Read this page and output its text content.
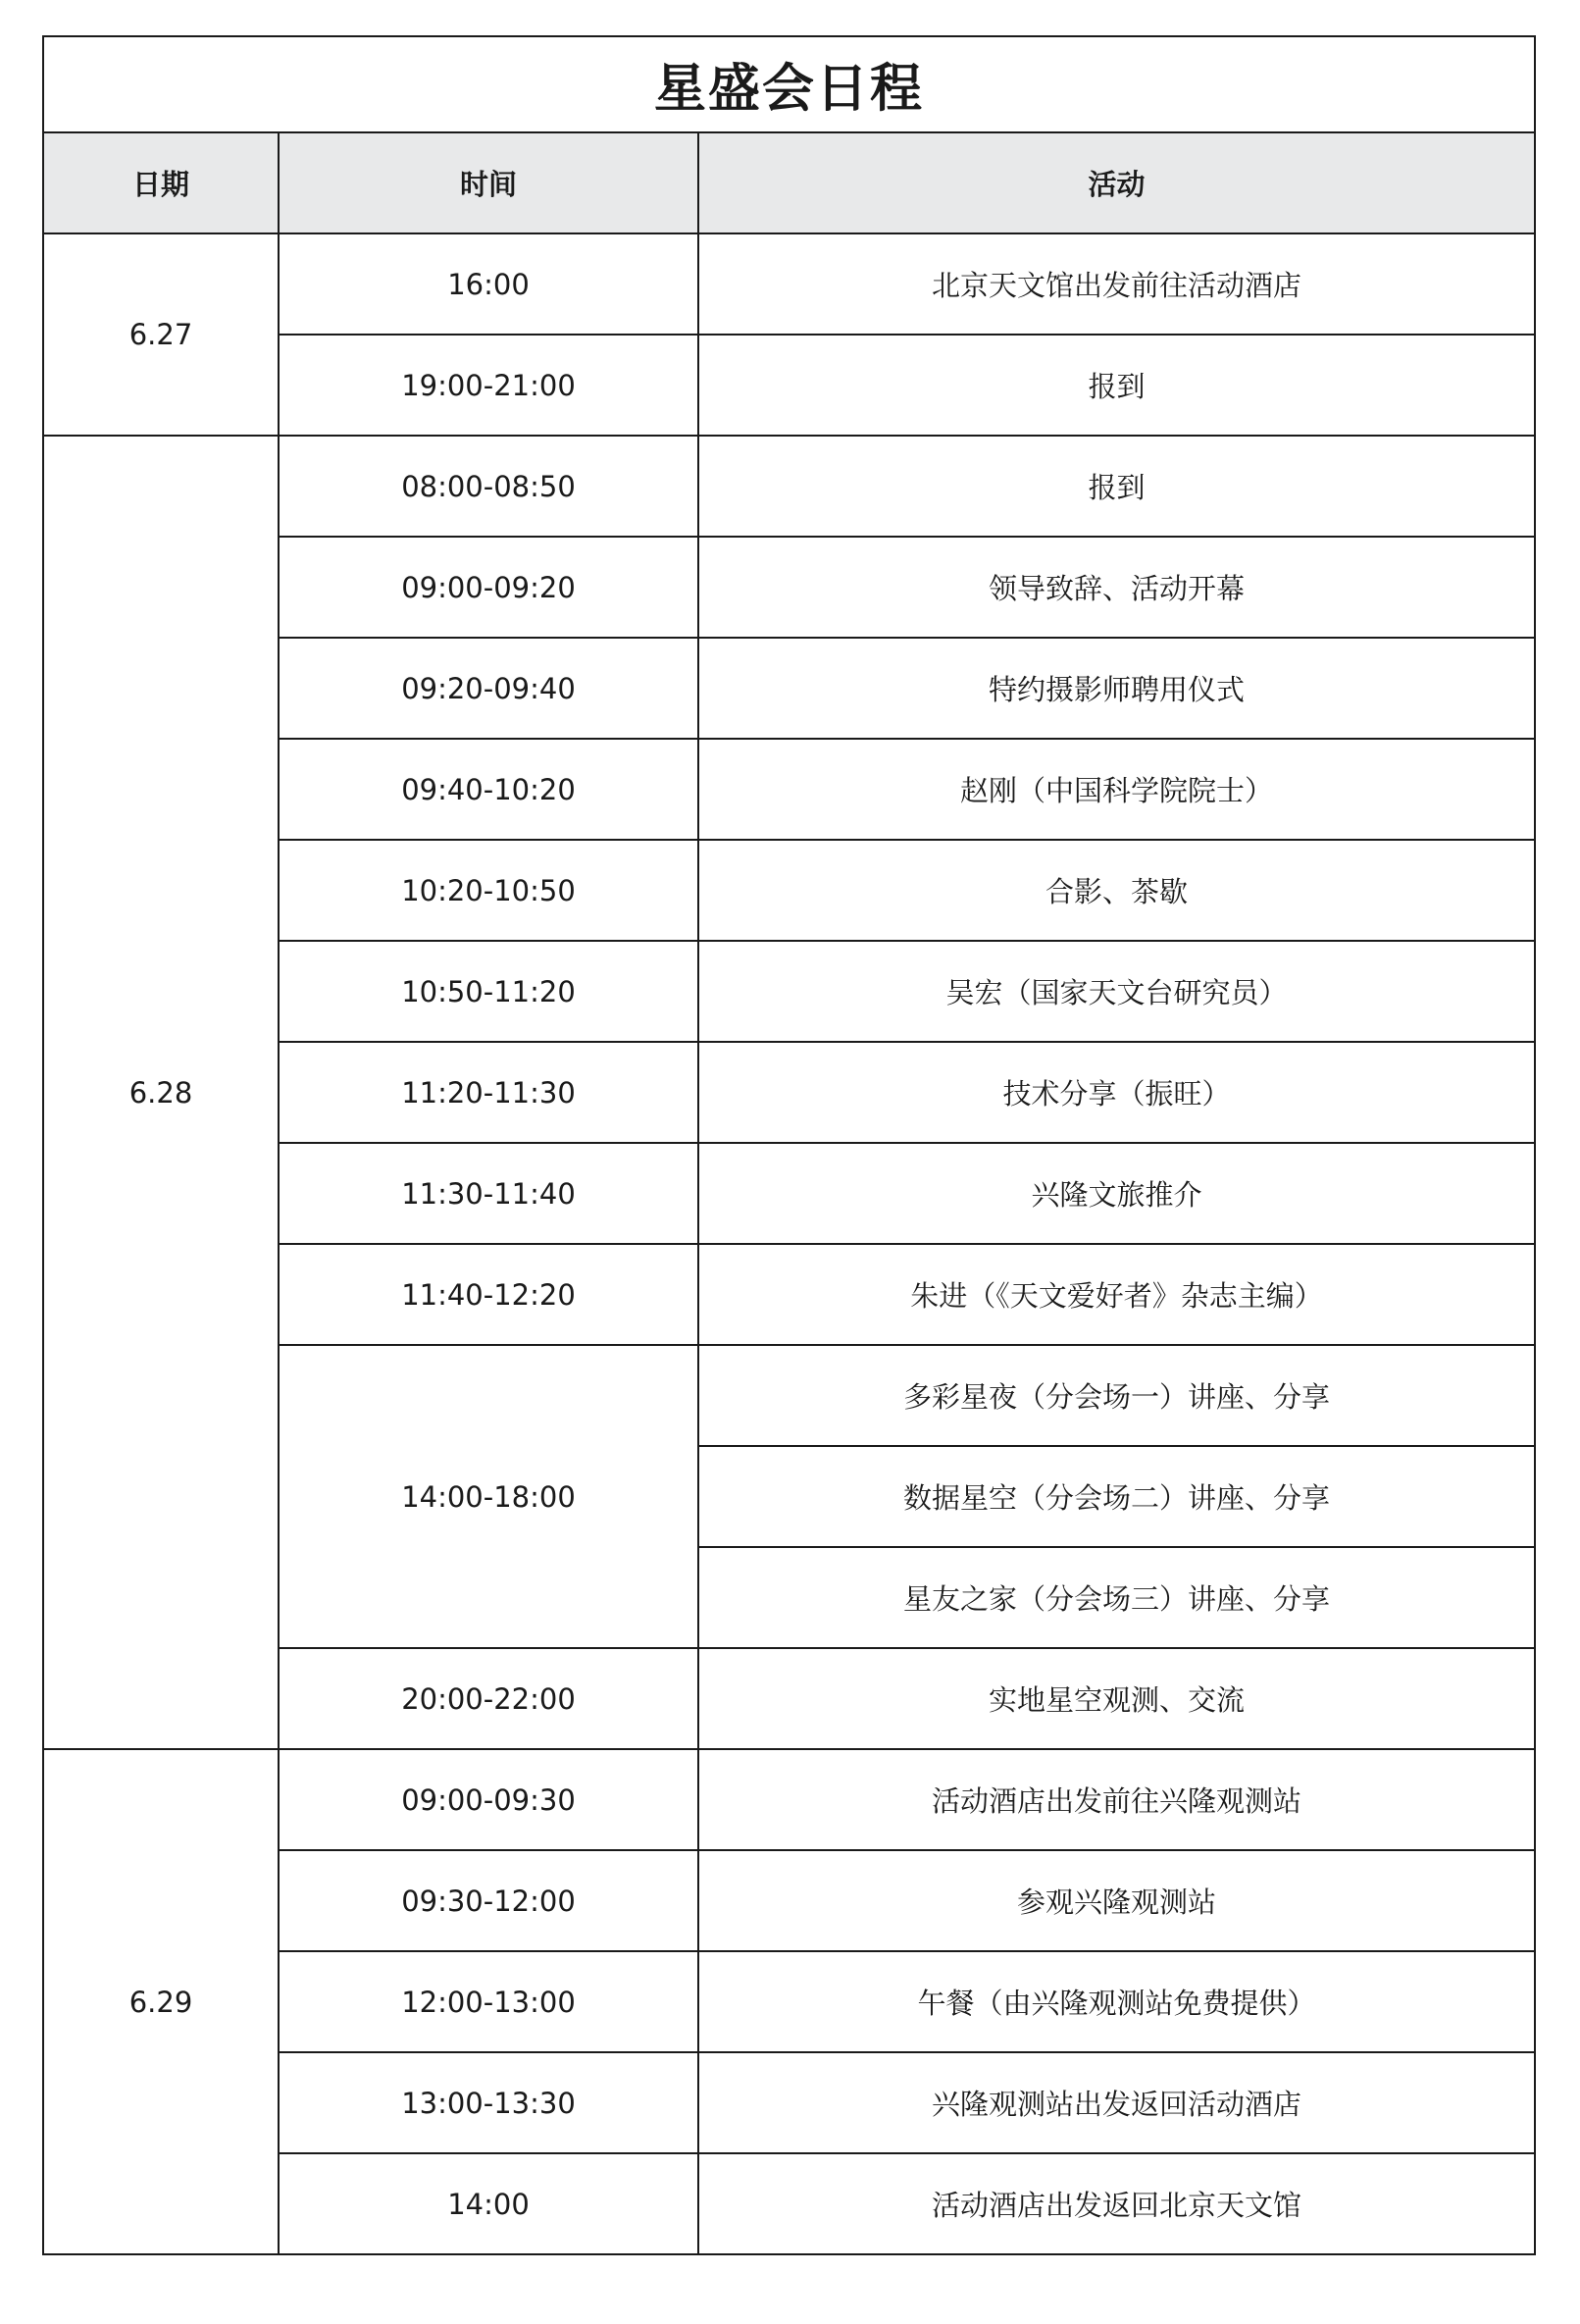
星盛会日程		
日期	时间	活动
6.27	16:00	北京天文馆出发前往活动酒店
	19:00-21:00	报到
6.28	08:00-08:50	报到
	09:00-09:20	领导致辞、活动开幕
	09:20-09:40	特约摄影师聘用仪式
	09:40-10:20	赵刚（中国科学院院士）
	10:20-10:50	合影、茶歇
	10:50-11:20	吴宏（国家天文台研究员）
	11:20-11:30	技术分享（振旺）
	11:30-11:40	兴隆文旅推介
	11:40-12:20	朱进（《天文爱好者》杂志主编）
	14:00-18:00	多彩星夜（分会场一）讲座、分享
		数据星空（分会场二）讲座、分享
		星友之家（分会场三）讲座、分享
	20:00-22:00	实地星空观测、交流
6.29	09:00-09:30	活动酒店出发前往兴隆观测站
	09:30-12:00	参观兴隆观测站
	12:00-13:00	午餐（由兴隆观测站免费提供）
	13:00-13:30	兴隆观测站出发返回活动酒店
	14:00	活动酒店出发返回北京天文馆
